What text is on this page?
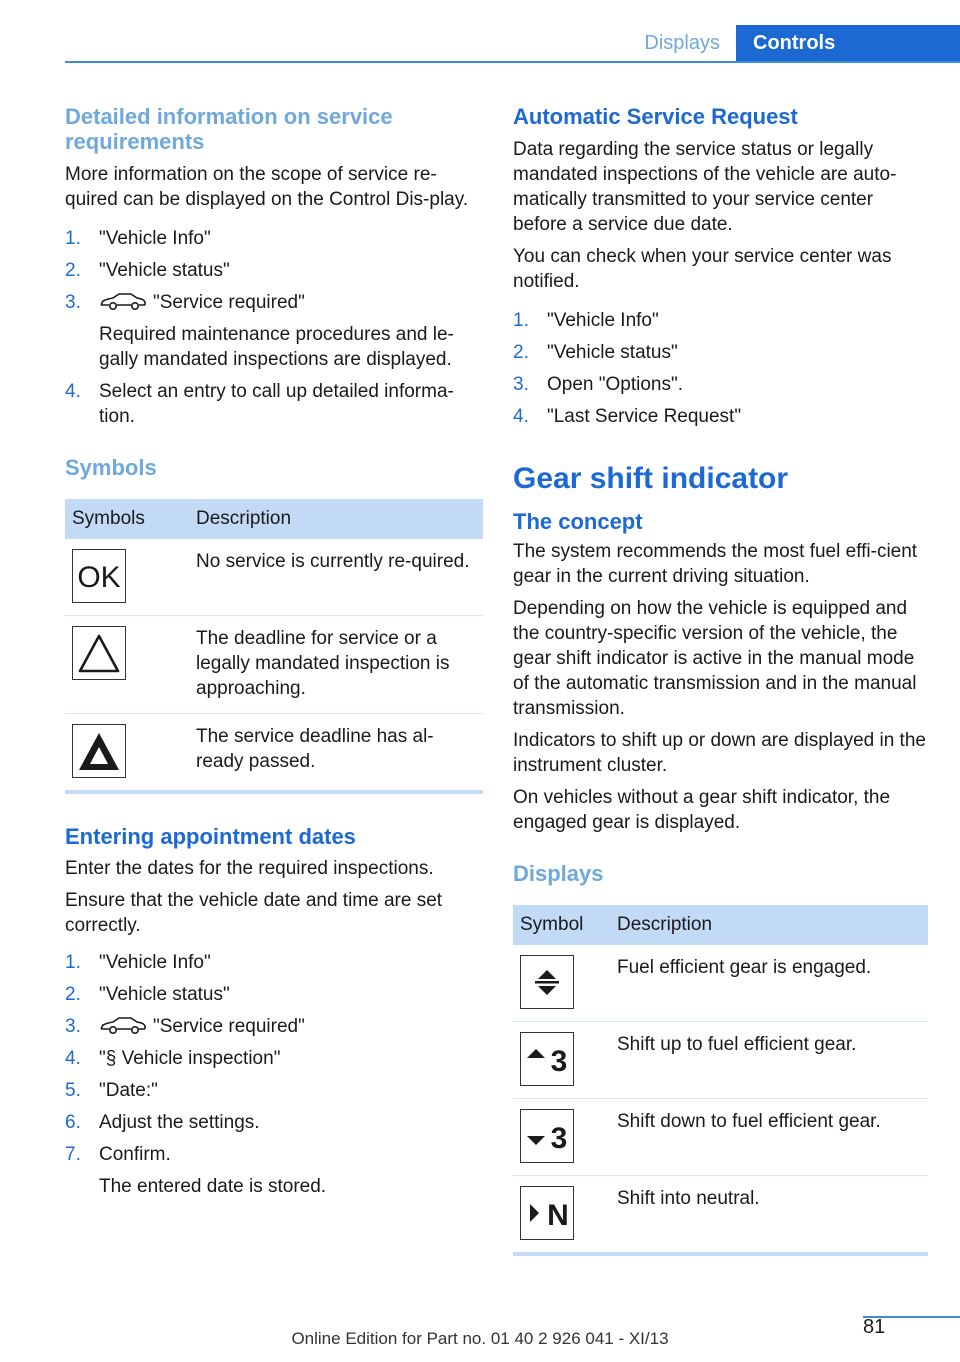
Displays	Controls
Detailed information on service requirements

More information on the scope of service re-quired can be displayed on the Control Dis-play.

1. "Vehicle Info"
2. "Vehicle status"
3.	"Service required"
Required maintenance procedures and le-gally mandated inspections are displayed.
4. Select an entry to call up detailed informa-tion.
Symbols
Symbols	Description

OK	No service is currently re-quired.

	The deadline for service or a legally mandated inspection is approaching.

	The service deadline has al-ready passed.
Entering appointment dates

Enter the dates for the required inspections.

Ensure that the vehicle date and time are set correctly.

1. "Vehicle Info"
2. "Vehicle status"
3.	"Service required"
4. "§ Vehicle inspection"
5. "Date:"
6. Adjust the settings.
7. Confirm.
The entered date is stored.
Automatic Service Request

Data regarding the service status or legally mandated inspections of the vehicle are auto-matically transmitted to your service center before a service due date.

You can check when your service center was notified.

1. "Vehicle Info"
2. "Vehicle status"
3. Open "Options".
4. "Last Service Request"
Gear shift indicator
The concept

The system recommends the most fuel effi-cient gear in the current driving situation.

Depending on how the vehicle is equipped and the country-specific version of the vehicle, the gear shift indicator is active in the manual mode of the automatic transmission and in the manual transmission.

Indicators to shift up or down are displayed in the instrument cluster.

On vehicles without a gear shift indicator, the engaged gear is displayed.

Displays
Symbol	Description

	Fuel efficient gear is engaged.

3	Shift up to fuel efficient gear.

3	Shift down to fuel efficient gear.

N	Shift into neutral.
81
Online Edition for Part no. 01 40 2 926 041 - XI/13
